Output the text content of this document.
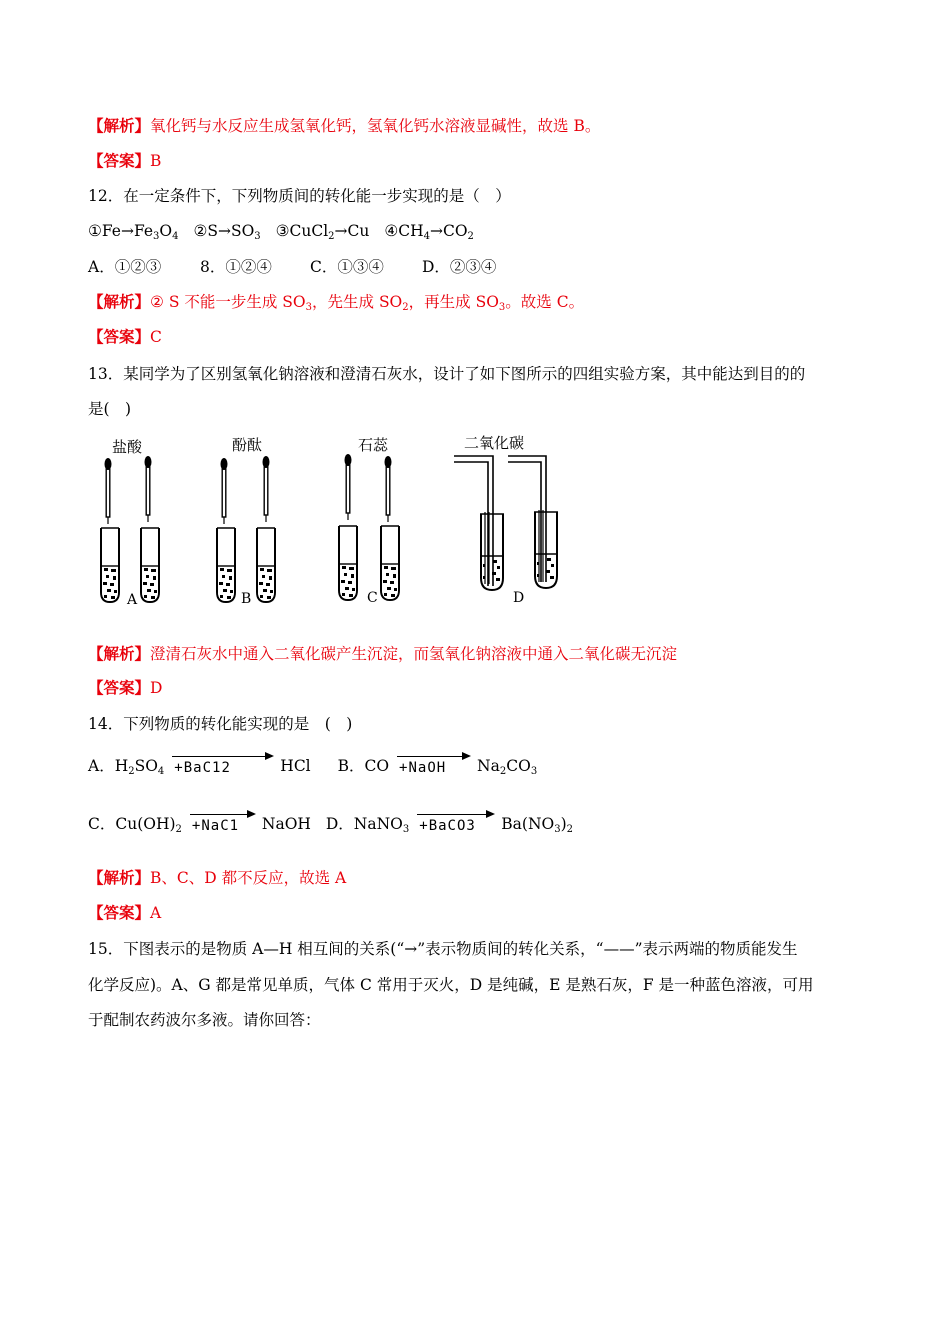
【解析】氧化钙与水反应生成氢氧化钙，氢氧化钙水溶液显碱性，故选 B。
【答案】B
12．在一定条件下，下列物质间的转化能一步实现的是（　）
$①Fe\to Fe_3O_4$ $②S\to SO_3$ ③CuCl$_2$→Cu $④CH_4\to CO_2$
A．①②③	8．①②④ C．①③④ D．②③④
【解析】② S 不能一步生成 $SO_3$，先生成 $SO_2$，再生成 $SO_3$。故选 C。
【答案】C
13．某同学为了区别氢氧化钠溶液和澄清石灰水，设计了如下图所示的四组实验方案，其中能达到目的的
是(　)
盐酸	酚酞	石蕊	二氧化碳
A	B	C	D
【解析】澄清石灰水中通入二氧化碳产生沉淀，而氢氧化钠溶液中通入二氧化碳无沉淀
【答案】D
14．下列物质的转化能实现的是　(　)
A．$H_2SO_4 +BaC12$	HCl B．CO +NaOH $Na_2CO_3$
C．$Cu(OH)_2 +NaC1$ NaOH D．NaNO$_3$ +BaCO3 $Ba(NO_3)_2$
【解析】B、C、D 都不反应，故选 A
【答案】A
15．下图表示的是物质 A—H 相互间的关系(“→”表示物质间的转化关系，“——”表示两端的物质能发生
化学反应)。A、G 都是常见单质，气体 C 常用于灭火，D 是纯碱，E 是熟石灰，F 是一种蓝色溶液，可用
于配制农药波尔多液。请你回答：
